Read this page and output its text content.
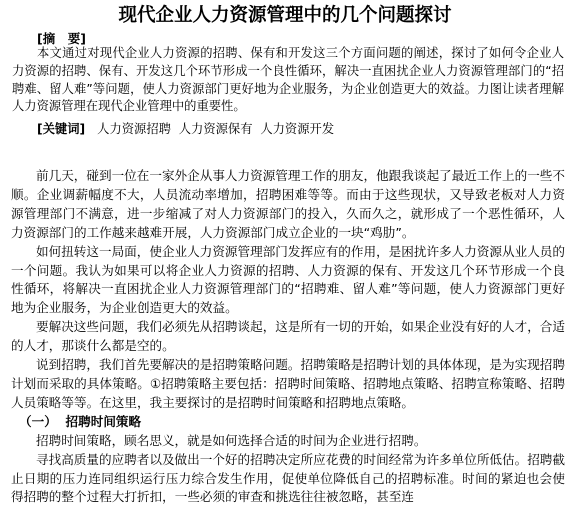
现代企业人力资源管理中的几个问题探讨
[摘　要]

本文通过对现代企业人力资源的招聘、保有和开发这三个方面问题的阐述，探讨了如何令企业人力资源的招聘、保有、开发这几个环节形成一个良性循环，解决一直困扰企业人力资源管理部门的“招聘难、留人难”等问题，使人力资源部门更好地为企业服务，为企业创造更大的效益。力图让读者理解人力资源管理在现代企业管理中的重要性。

[关键词] 人力资源招聘  人力资源保有  人力资源开发

前几天，碰到一位在一家外企从事人力资源管理工作的朋友，他跟我谈起了最近工作上的一些不顺。企业调薪幅度不大，人员流动率增加，招聘困难等等。而由于这些现状，又导致老板对人力资源管理部门不满意，进一步缩减了对人力资源部门的投入，久而久之，就形成了一个恶性循环，人力资源部门的工作越来越难开展，人力资源部门成立企业的一块“鸡肋”。

如何扭转这一局面，使企业人力资源管理部门发挥应有的作用，是困扰许多人力资源从业人员的一个问题。我认为如果可以将企业人力资源的招聘、人力资源的保有、开发这几个环节形成一个良性循环，将解决一直困扰企业人力资源管理部门的“招聘难、留人难”等问题，使人力资源部门更好地为企业服务，为企业创造更大的效益。

要解决这些问题，我们必须先从招聘谈起，这是所有一切的开始，如果企业没有好的人才，合适的人才，那谈什么都是空的。

说到招聘，我们首先要解决的是招聘策略问题。招聘策略是招聘计划的具体体现，是为实现招聘计划而采取的具体策略。①招聘策略主要包括：招聘时间策略、招聘地点策略、招聘宣称策略、招聘人员策略等等。在这里，我主要探讨的是招聘时间策略和招聘地点策略。

（一）  招聘时间策略

招聘时间策略，顾名思义，就是如何选择合适的时间为企业进行招聘。

寻找高质量的应聘者以及做出一个好的招聘决定所应花费的时间经常为许多单位所低估。招聘截止日期的压力连同组织运行压力综合发生作用，促使单位降低自己的招聘标准。时间的紧迫也会使得招聘的整个过程大打折扣，一些必须的审查和挑选往往被忽略，甚至连
